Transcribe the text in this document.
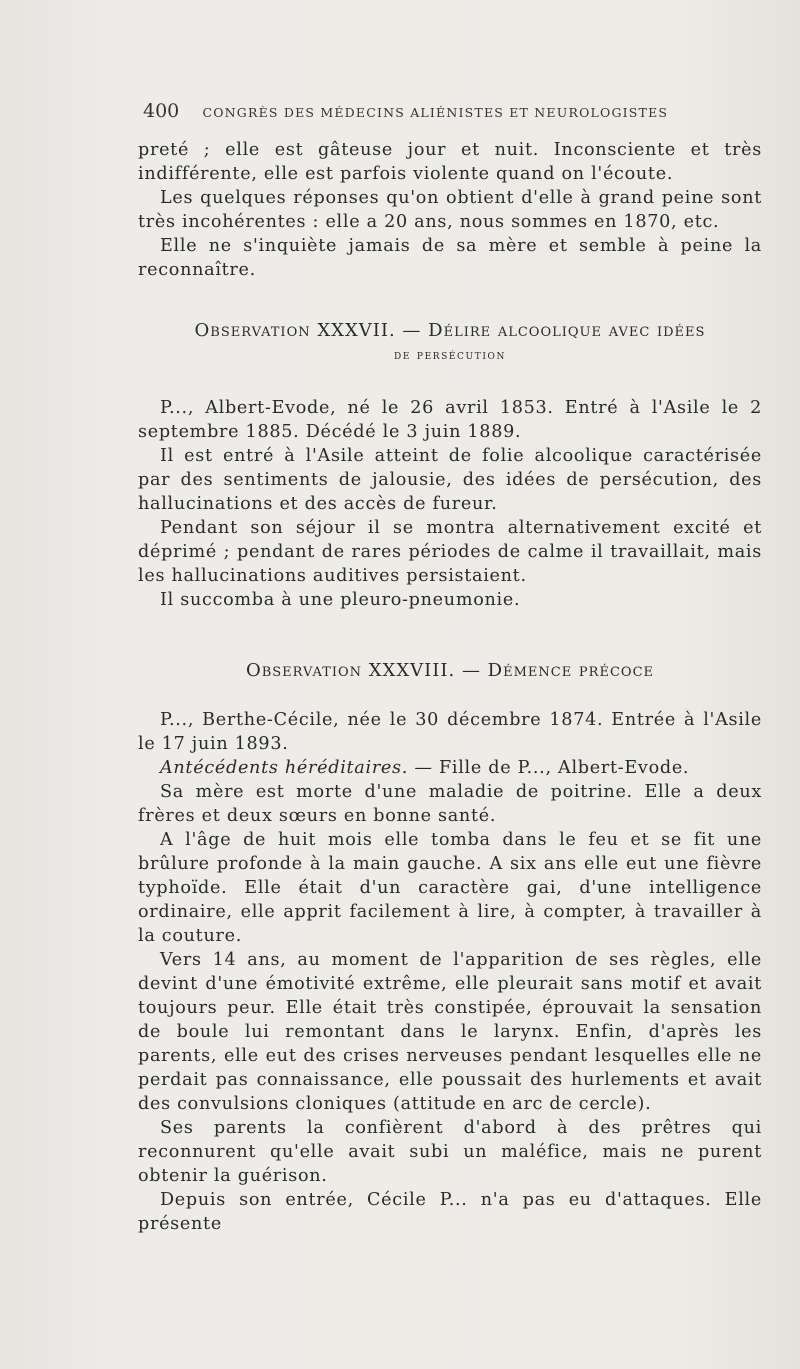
400 CONGRÈS DES MÉDECINS ALIÉNISTES ET NEUROLOGISTES

preté ; elle est gâteuse jour et nuit. Inconsciente et très indifférente, elle est parfois violente quand on l'écoute.

Les quelques réponses qu'on obtient d'elle à grand peine sont très incohérentes : elle a 20 ans, nous sommes en 1870, etc.

Elle ne s'inquiète jamais de sa mère et semble à peine la reconnaître.

Observation XXXVII. — Délire alcoolique avec idées
de persécution

P..., Albert-Evode, né le 26 avril 1853. Entré à l'Asile le 2 septembre 1885. Décédé le 3 juin 1889.

Il est entré à l'Asile atteint de folie alcoolique caractérisée par des sentiments de jalousie, des idées de persécution, des hallucinations et des accès de fureur.

Pendant son séjour il se montra alternativement excité et déprimé ; pendant de rares périodes de calme il travaillait, mais les hallucinations auditives persistaient.

Il succomba à une pleuro-pneumonie.

Observation XXXVIII. — Démence précoce

P..., Berthe-Cécile, née le 30 décembre 1874. Entrée à l'Asile le 17 juin 1893.

Antécédents héréditaires. — Fille de P..., Albert-Evode.

Sa mère est morte d'une maladie de poitrine. Elle a deux frères et deux sœurs en bonne santé.

A l'âge de huit mois elle tomba dans le feu et se fit une brûlure profonde à la main gauche. A six ans elle eut une fièvre typhoïde. Elle était d'un caractère gai, d'une intelligence ordinaire, elle apprit facilement à lire, à compter, à travailler à la couture.

Vers 14 ans, au moment de l'apparition de ses règles, elle devint d'une émotivité extrême, elle pleurait sans motif et avait toujours peur. Elle était très constipée, éprouvait la sensation de boule lui remontant dans le larynx. Enfin, d'après les parents, elle eut des crises nerveuses pendant lesquelles elle ne perdait pas connaissance, elle poussait des hurlements et avait des convulsions cloniques (attitude en arc de cercle).

Ses parents la confièrent d'abord à des prêtres qui reconnurent qu'elle avait subi un maléfice, mais ne purent obtenir la guérison.

Depuis son entrée, Cécile P... n'a pas eu d'attaques. Elle présente
